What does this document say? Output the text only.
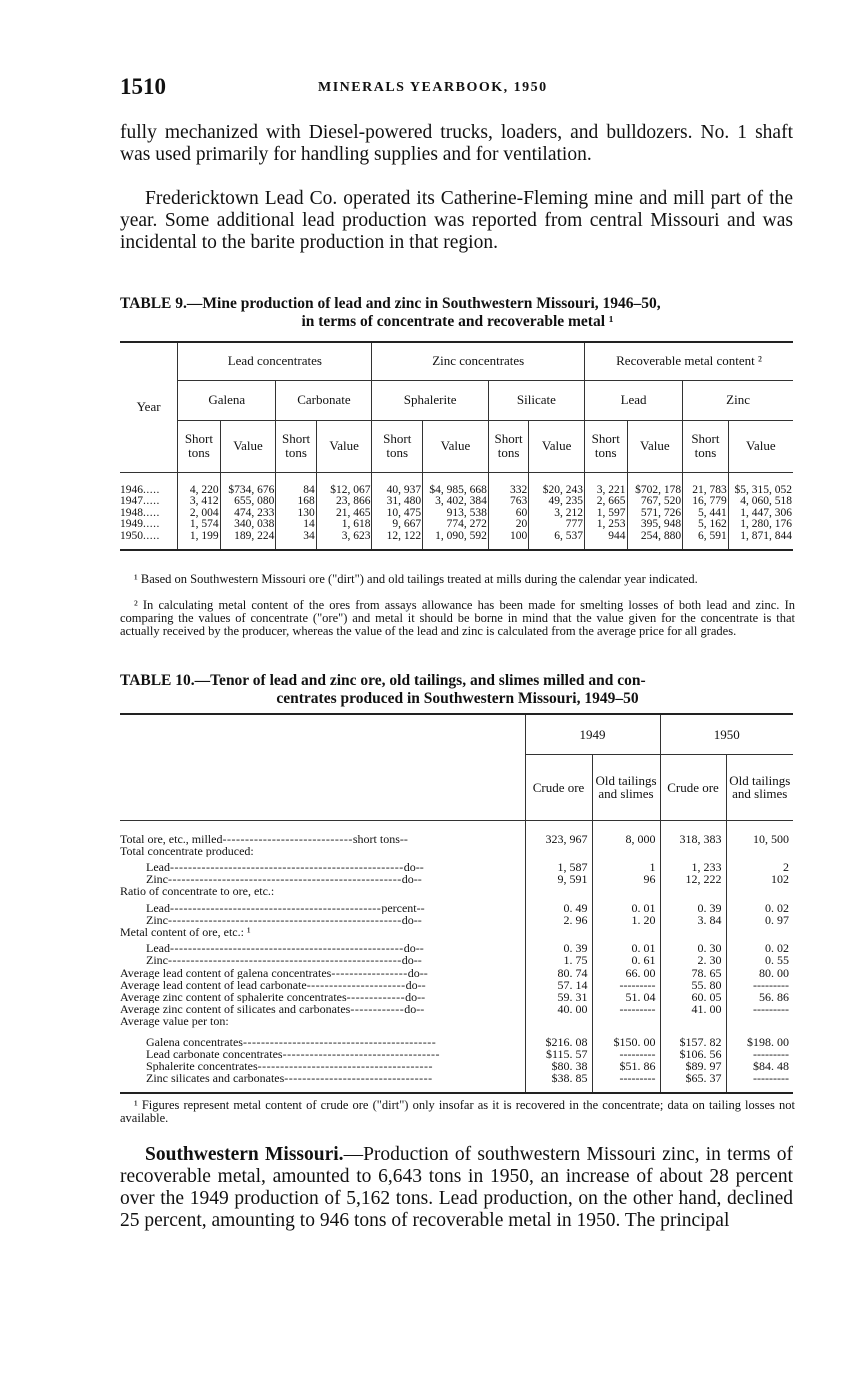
1510	MINERALS YEARBOOK, 1950

fully mechanized with Diesel-powered trucks, loaders, and bulldozers. No. 1 shaft was used primarily for handling supplies and for ventilation.

Fredericktown Lead Co. operated its Catherine-Fleming mine and mill part of the year. Some additional lead production was reported from central Missouri and was incidental to the barite production in that region.

TABLE 9.—Mine production of lead and zinc in Southwestern Missouri, 1946–50,
in terms of concentrate and recoverable metal ¹
Year	Lead concentrates				Zinc concentrates				Recoverable metal content ²			
	Galena		Carbonate		Sphalerite		Silicate		Lead		Zinc	
	Short tons	Value	Short tons	Value	Short tons	Value	Short tons	Value	Short tons	Value	Short tons	Value
1946.....	4, 220	$734, 676	84	$12, 067	40, 937	$4, 985, 668	332	$20, 243	3, 221	$702, 178	21, 783	$5, 315, 052
1947.....	3, 412	655, 080	168	23, 866	31, 480	3, 402, 384	763	49, 235	2, 665	767, 520	16, 779	4, 060, 518
1948.....	2, 004	474, 233	130	21, 465	10, 475	913, 538	60	3, 212	1, 597	571, 726	5, 441	1, 447, 306
1949.....	1, 574	340, 038	14	1, 618	9, 667	774, 272	20	777	1, 253	395, 948	5, 162	1, 280, 176
1950.....	1, 199	189, 224	34	3, 623	12, 122	1, 090, 592	100	6, 537	944	254, 880	6, 591	1, 871, 844

¹ Based on Southwestern Missouri ore ("dirt") and old tailings treated at mills during the calendar year indicated.

² In calculating metal content of the ores from assays allowance has been made for smelting losses of both lead and zinc. In comparing the values of concentrate ("ore") and metal it should be borne in mind that the value given for the concentrate is that actually received by the producer, whereas the value of the lead and zinc is calculated from the average price for all grades.

TABLE 10.—Tenor of lead and zinc ore, old tailings, and slimes milled and con-
centrates produced in Southwestern Missouri, 1949–50
	1949		1950	
	Crude ore	Old tailings and slimes	Crude ore	Old tailings and slimes
Total ore, etc., milled-----------------------------short tons--	323, 967	8, 000	318, 383	10, 500
Total concentrate produced:				
Lead----------------------------------------------------do--	1, 587	1	1, 233	2
Zinc----------------------------------------------------do--	9, 591	96	12, 222	102
Ratio of concentrate to ore, etc.:				
Lead-----------------------------------------------percent--	0. 49	0. 01	0. 39	0. 02
Zinc----------------------------------------------------do--	2. 96	1. 20	3. 84	0. 97
Metal content of ore, etc.: ¹				
Lead----------------------------------------------------do--	0. 39	0. 01	0. 30	0. 02
Zinc----------------------------------------------------do--	1. 75	0. 61	2. 30	0. 55
Average lead content of galena concentrates-----------------do--	80. 74	66. 00	78. 65	80. 00
Average lead content of lead carbonate----------------------do--	57. 14	---------	55. 80	---------
Average zinc content of sphalerite concentrates-------------do--	59. 31	51. 04	60. 05	56. 86
Average zinc content of silicates and carbonates------------do--	40. 00	---------	41. 00	---------
Average value per ton:				
Galena concentrates-------------------------------------------	$216. 08	$150. 00	$157. 82	$198. 00
Lead carbonate concentrates-----------------------------------	$115. 57	---------	$106. 56	---------
Sphalerite concentrates---------------------------------------	$80. 38	$51. 86	$89. 97	$84. 48
Zinc silicates and carbonates---------------------------------	$38. 85	---------	$65. 37	---------

¹ Figures represent metal content of crude ore ("dirt") only insofar as it is recovered in the concentrate; data on tailing losses not available.

Southwestern Missouri.—Production of southwestern Missouri zinc, in terms of recoverable metal, amounted to 6,643 tons in 1950, an increase of about 28 percent over the 1949 production of 5,162 tons. Lead production, on the other hand, declined 25 percent, amounting to 946 tons of recoverable metal in 1950. The principal
